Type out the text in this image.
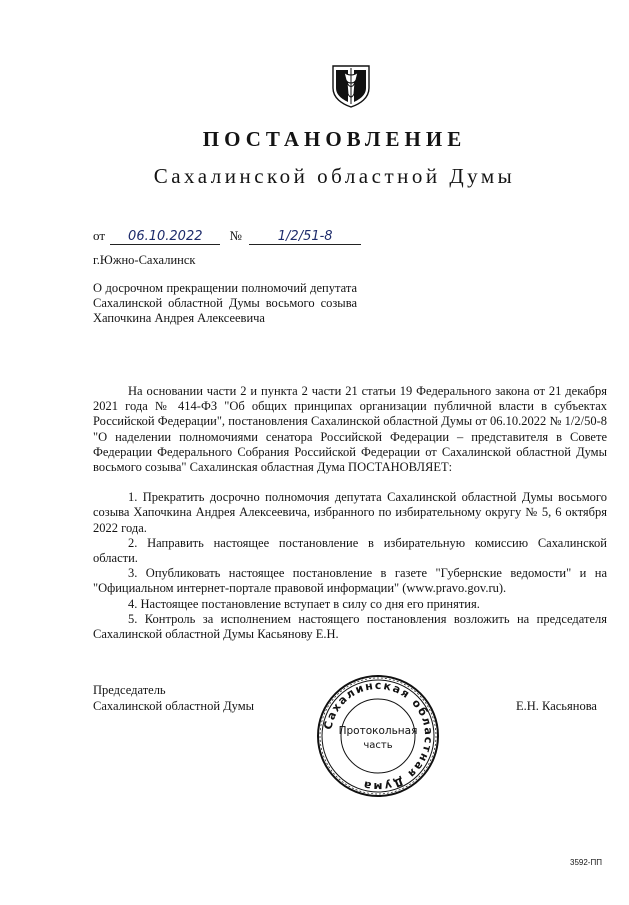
ПОСТАНОВЛЕНИЕ
Сахалинской областной Думы
от 06.10.2022 №	1/2/51-8
г.Южно-Сахалинск
О досрочном прекращении полномочий депутата Сахалинской областной Думы восьмого созыва Хапочкина Андрея Алексеевича

На основании части 2 и пункта 2 части 21 статьи 19 Федерального закона от 21 декабря 2021 года № 414-ФЗ "Об общих принципах организации публичной власти в субъектах Российской Федерации", постановления Сахалинской областной Думы от 06.10.2022 № 1/2/50-8 "О наделении полномочиями сенатора Российской Федерации – представителя в Совете Федерации Федерального Собрания Российской Федерации от Сахалинской областной Думы восьмого созыва" Сахалинская областная Дума ПОСТАНОВЛЯЕТ:

1. Прекратить досрочно полномочия депутата Сахалинской областной Думы восьмого созыва Хапочкина Андрея Алексеевича, избранного по избирательному округу № 5, 6 октября 2022 года.

2. Направить настоящее постановление в избирательную комиссию Сахалинской области.

3. Опубликовать настоящее постановление в газете "Губернские ведомости" и на "Официальном интернет-портале правовой информации" (www.pravo.gov.ru).

4. Настоящее постановление вступает в силу со дня его принятия.

5. Контроль за исполнением настоящего постановления возложить на председателя Сахалинской областной Думы Касьянову Е.Н.

Председатель
Сахалинской областной Думы	Е.Н. Касьянова
Сахалинская областная Дума
Протокольная
часть
3592-ПП
